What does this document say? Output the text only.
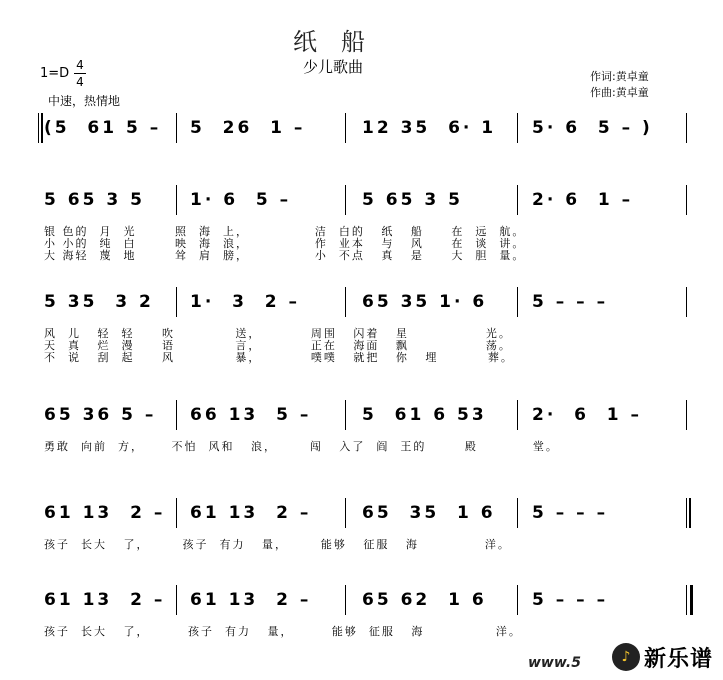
纸　船
少儿歌曲
1=D
4
4
中速，热情地
作词:黄卓童
作曲:黄卓童
(5  61 5 – 5  26  1 –	12 35  6· 1 5· 6  5 – )
5 65 3 5	1· 6  5 –	5 65 3 5	2· 6  1 –
银 色的  月  光       照  海  上，            洁  白的   纸   船     在  远  航。
小 小的  纯  白       映  海  浪，            作  业本   与   风     在  谈  讲。
大 海轻  蔑  地       耸  肩  膀，            小  不点   真   是     大  胆  量。
5 35  3 2 1·  3  2 –	65 35 1· 6	5 – – –
风  儿   轻  轻     吹           送，         周围   闪着   星              光。
天  真   烂  漫     语           言，         正在   海面   飘              荡。
不  说   刮  起     风           暴，         噗噗   就把   你   埋         葬。
65 36 5 – 66 13  5 –	5  61 6 53	2·  6  1 –
勇敢  向前  方，     不怕  风和   浪，      闯   入了  阎  王的       殿          堂。
61 13  2 – 61 13  2 –	65  35  1 6 5 – – –
孩子  长大   了，      孩子  有力   量，      能够   征服   海            洋。
61 13  2 – 61 13  2 –	65 62  1 6	5 – – –
孩子  长大   了，       孩子  有力   量，       能够  征服   海             洋。
www.5	♪ 新乐谱
